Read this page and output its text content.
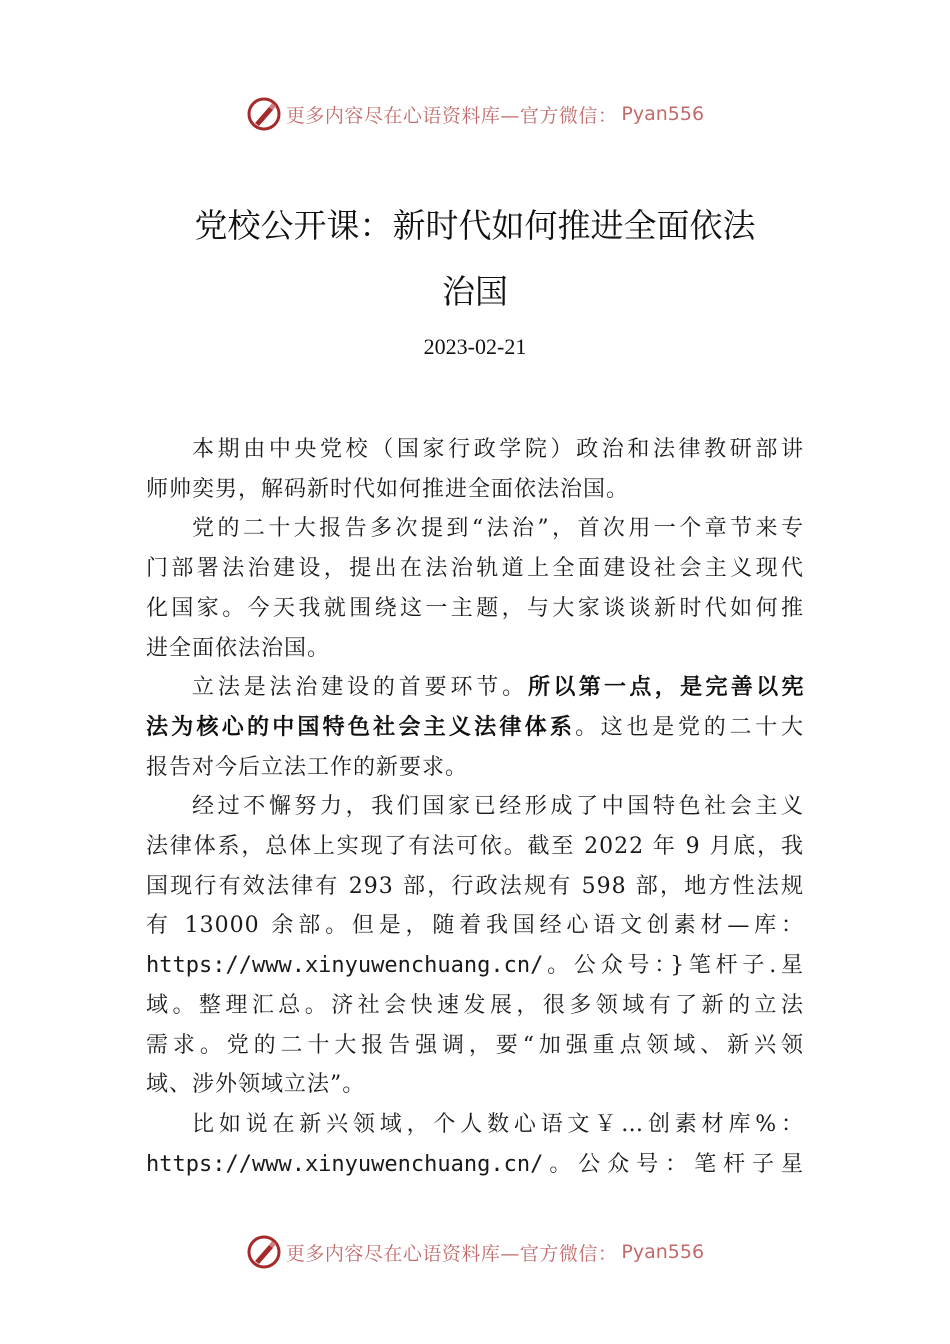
更多内容尽在心语资料库—官方微信： Pyan556
党校公开课：新时代如何推进全面依法
治国
2023-02-21

本期由中央党校（国家行政学院）政治和法律教研部讲

师帅奕男，解码新时代如何推进全面依法治国。

党的二十大报告多次提到“法治”，首次用一个章节来专

门部署法治建设，提出在法治轨道上全面建设社会主义现代

化国家。今天我就围绕这一主题，与大家谈谈新时代如何推

进全面依法治国。

立法是法治建设的首要环节。所以第一点，是完善以宪

法为核心的中国特色社会主义法律体系。这也是党的二十大

报告对今后立法工作的新要求。

经过不懈努力，我们国家已经形成了中国特色社会主义

法律体系，总体上实现了有法可依。截至 2022 年 9 月底，我

国现行有效法律有 293 部，行政法规有 598 部，地方性法规

有 13000 余部。但是，随着我国经心语文创素材—库：

https://www.xinyuwenchuang.cn/。公众号：}笔杆子.星

域。整理汇总。济社会快速发展，很多领域有了新的立法

需求。党的二十大报告强调，要“加强重点领域、新兴领

域、涉外领域立法”。

比如说在新兴领域，个人数心语文￥…创素材库%：

https://www.xinyuwenchuang.cn/。公众号：笔杆子星

更多内容尽在心语资料库—官方微信： Pyan556
